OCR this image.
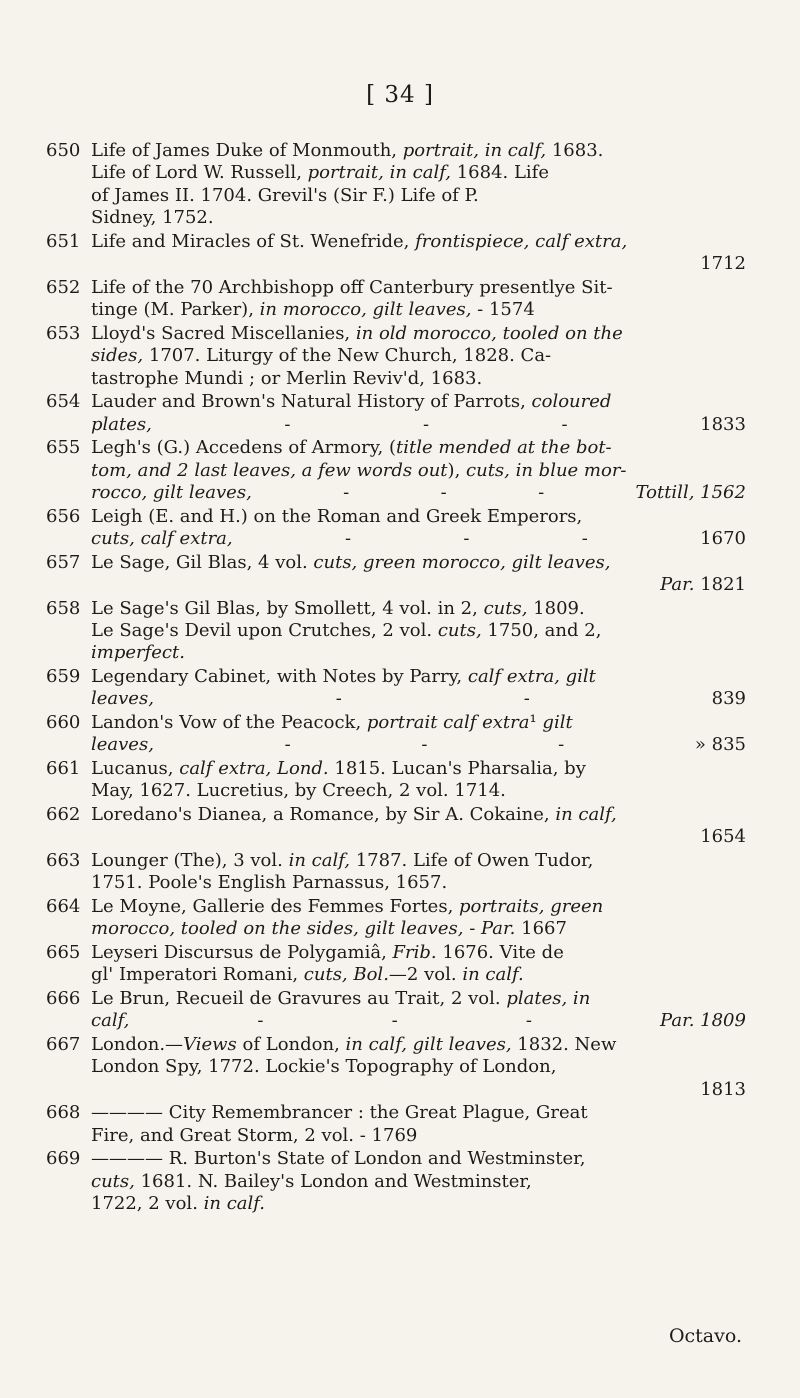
[ 34 ]
650 Life of James Duke of Monmouth, portrait, in calf, 1683.
Life of Lord W. Russell, portrait, in calf, 1684. Life
of James II. 1704. Grevil's (Sir F.) Life of P.
Sidney, 1752.
651 Life and Miracles of St. Wenefride, frontispiece, calf extra,
1712
652 Life of the 70 Archbishopp off Canterbury presentlye Sit-
tinge (M. Parker), in morocco, gilt leaves, - 1574
653 Lloyd's Sacred Miscellanies, in old morocco, tooled on the
sides, 1707. Liturgy of the New Church, 1828. Ca-
tastrophe Mundi ; or Merlin Reviv'd, 1683.
654 Lauder and Brown's Natural History of Parrots, coloured
plates,	-	-	-	1833
655 Legh's (G.) Accedens of Armory, (title mended at the bot-
tom, and 2 last leaves, a few words out), cuts, in blue mor-
rocco, gilt leaves,	-	-	-	Tottill, 1562
656 Leigh (E. and H.) on the Roman and Greek Emperors,
cuts, calf extra,	-	-	-	1670
657 Le Sage, Gil Blas, 4 vol. cuts, green morocco, gilt leaves,
Par. 1821
658 Le Sage's Gil Blas, by Smollett, 4 vol. in 2, cuts, 1809.
Le Sage's Devil upon Crutches, 2 vol. cuts, 1750, and 2,
imperfect.
659 Legendary Cabinet, with Notes by Parry, calf extra, gilt
leaves,	-	-	839
660 Landon's Vow of the Peacock, portrait calf extra¹ gilt
leaves,	-	-	-	» 835
661 Lucanus, calf extra, Lond. 1815. Lucan's Pharsalia, by
May, 1627. Lucretius, by Creech, 2 vol. 1714.
662 Loredano's Dianea, a Romance, by Sir A. Cokaine, in calf,
1654
663 Lounger (The), 3 vol. in calf, 1787. Life of Owen Tudor,
1751. Poole's English Parnassus, 1657.
664 Le Moyne, Gallerie des Femmes Fortes, portraits, green
morocco, tooled on the sides, gilt leaves, - Par. 1667
665 Leyseri Discursus de Polygamiâ, Frib. 1676. Vite de
gl' Imperatori Romani, cuts, Bol.—2 vol. in calf.
666 Le Brun, Recueil de Gravures au Trait, 2 vol. plates, in
calf,	-	-	-	Par. 1809
667 London.—Views of London, in calf, gilt leaves, 1832. New
London Spy, 1772. Lockie's Topography of London,
1813
668 ———— City Remembrancer : the Great Plague, Great
Fire, and Great Storm, 2 vol. - 1769
669 ———— R. Burton's State of London and Westminster,
cuts, 1681. N. Bailey's London and Westminster,
1722, 2 vol. in calf.
Octavo.
